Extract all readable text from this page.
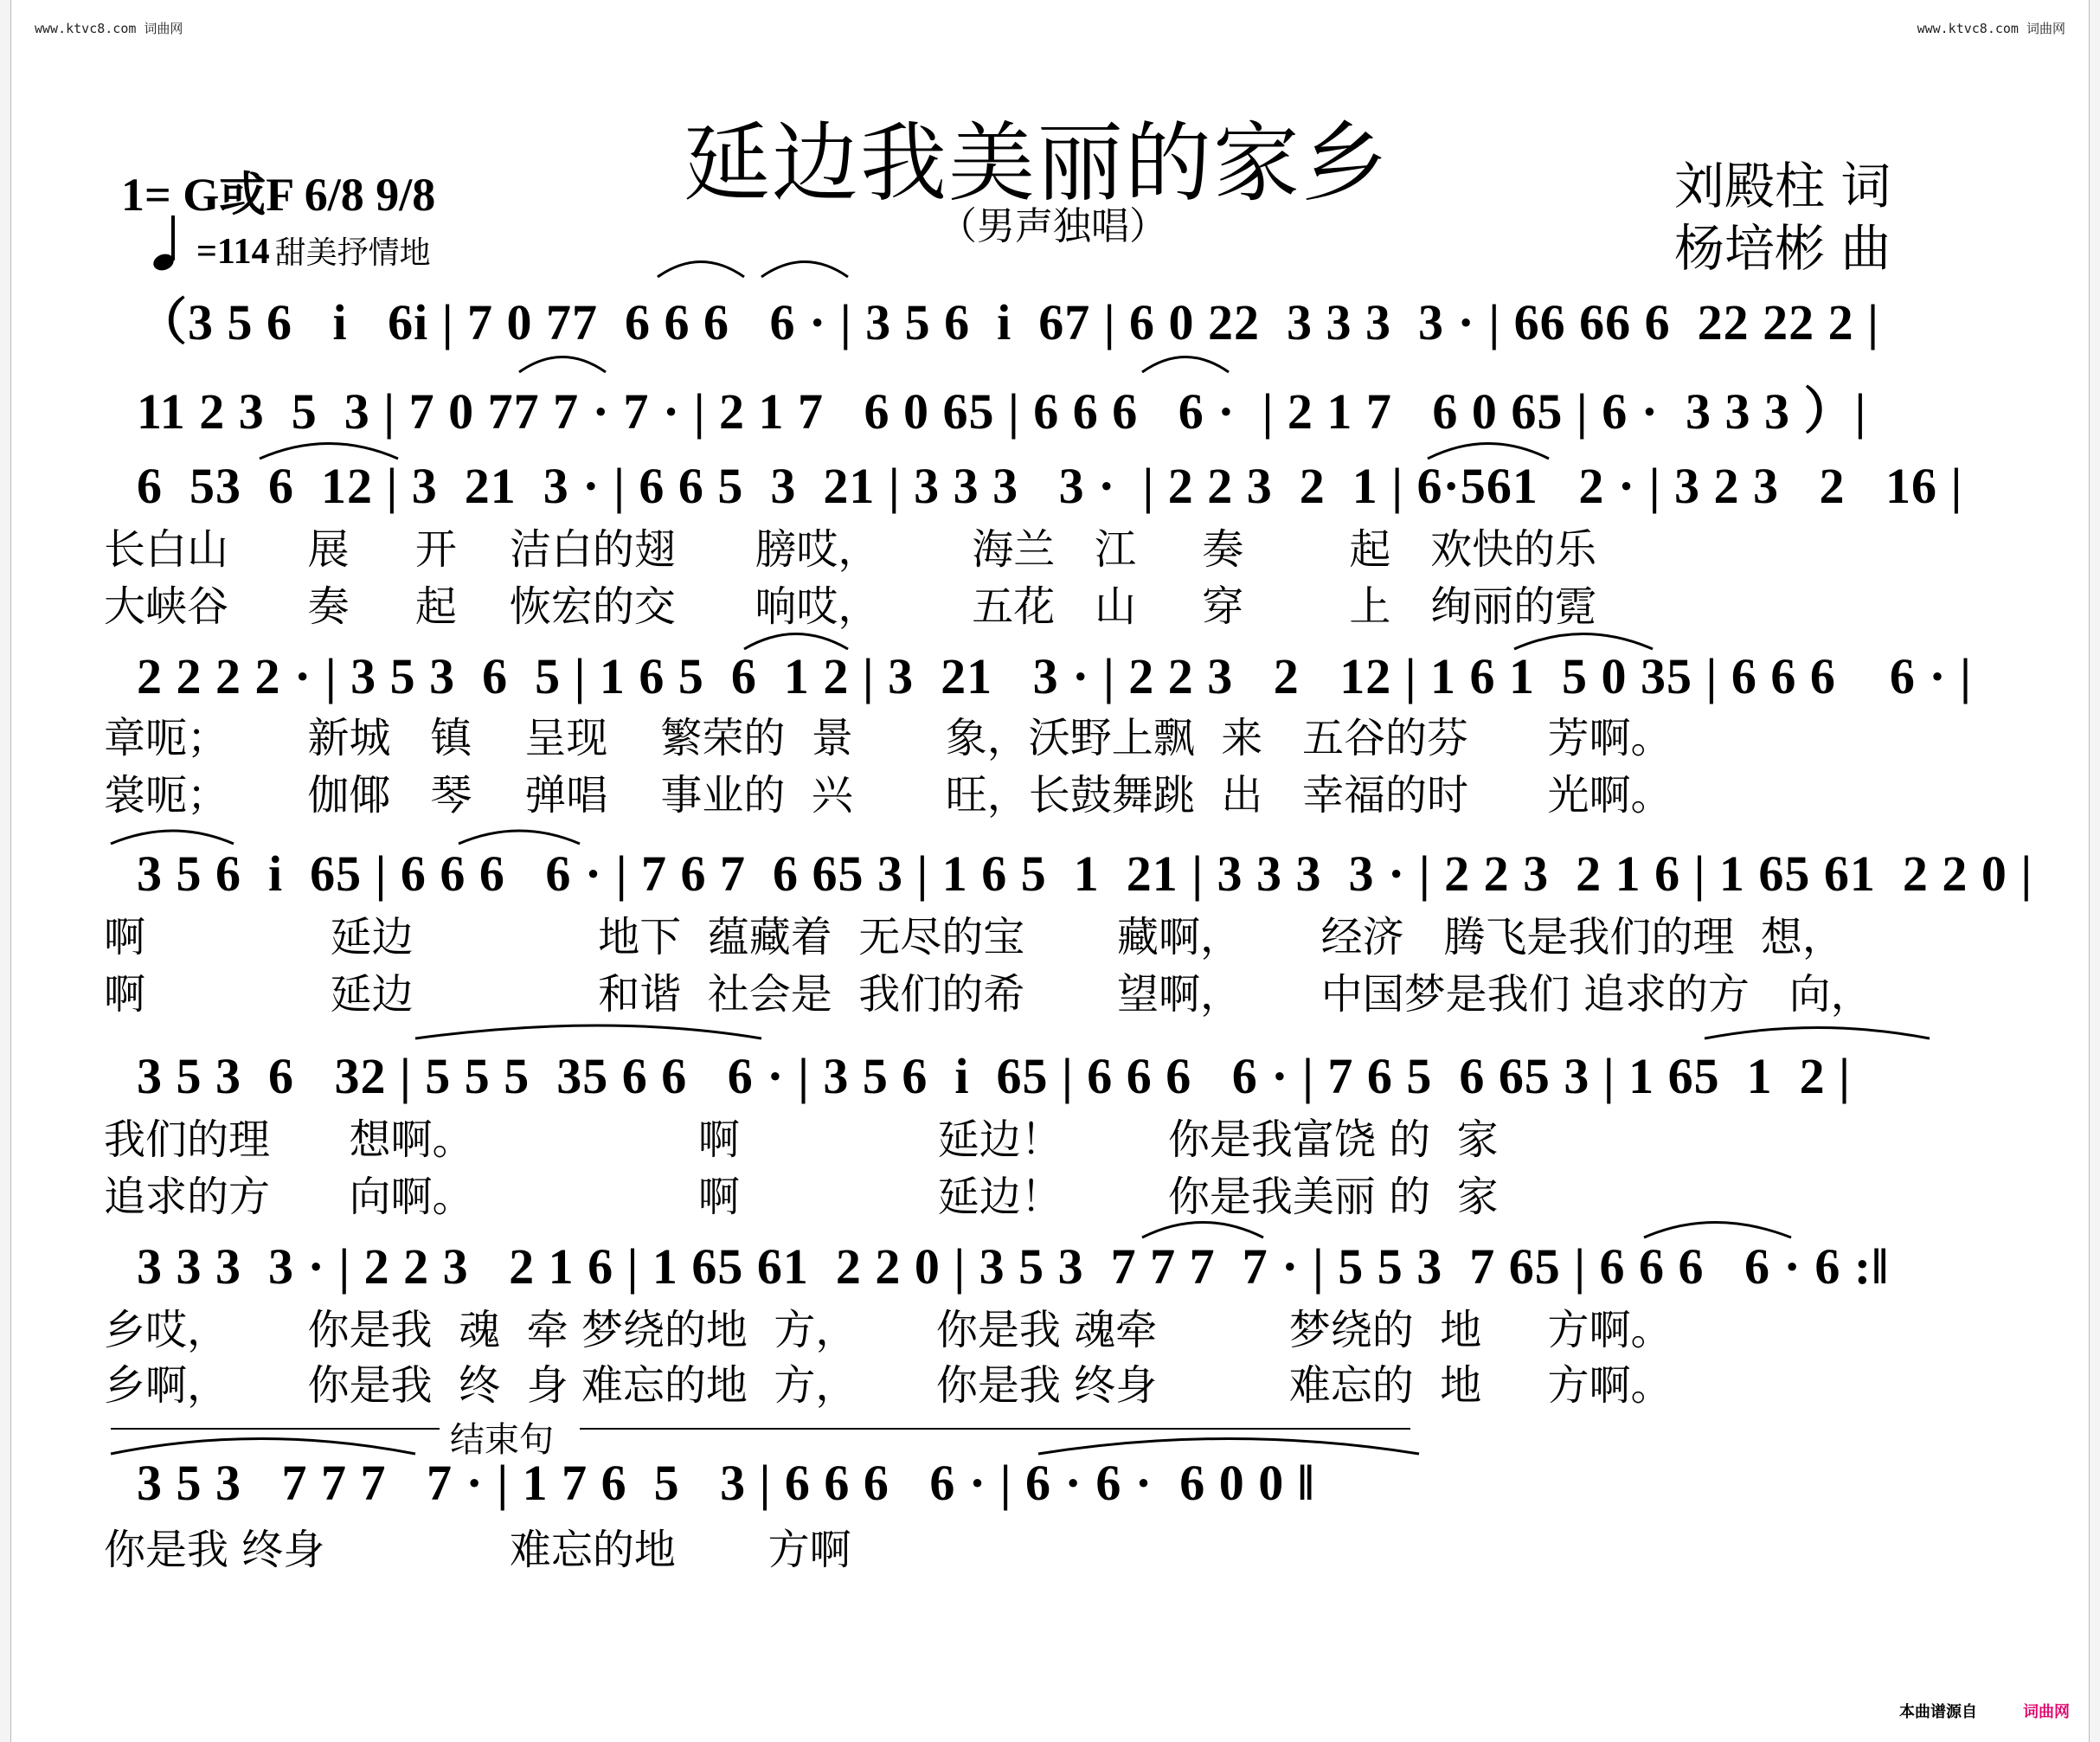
www.ktvc8.com 词曲网	www.ktvc8.com 词曲网
延边我美丽的家乡
（男声独唱）
1= G或F 6/8 9/8
=114 甜美抒情地
刘殿柱 词
杨培彬 曲
（3 5 6   i   6i | 7 0 77  6 6 6   6 · | 3 5 6  i  67 | 6 0 22  3 3 3  3 · | 66 66 6  22 22 2 |
11 2 3  5  3 | 7 0 77 7 · 7 · | 2 1 7   6 0 65 | 6 6 6   6 ·  | 2 1 7   6 0 65 | 6 ·  3 3 3 ）|
6  53  6  12 | 3  21  3 · | 6 6 5  3  21 | 3 3 3   3 ·  | 2 2 3  2  1 | 6·561   2 · | 3 2 3   2   16 |
长白山      展     开    洁白的翅      膀哎，       海兰   江     奏        起   欢快的乐
大峡谷      奏     起    恢宏的交      响哎，       五花   山     穿        上   绚丽的霓
2 2 2 2 · | 3 5 3  6  5 | 1 6 5  6  1 2 | 3  21   3 · | 2 2 3   2   12 | 1 6 1  5 0 35 | 6 6 6    6 · |
章呃；      新城   镇    呈现    繁荣的  景       象，沃野上飘  来   五谷的芬      芳啊。
裳呃；      伽倻   琴    弹唱    事业的  兴       旺，长鼓舞跳  出   幸福的时      光啊。
3 5 6  i  65 | 6 6 6   6 · | 7 6 7  6 65 3 | 1 6 5  1  21 | 3 3 3  3 · | 2 2 3  2 1 6 | 1 65 61  2 2 0 |
啊              延边              地下  蕴藏着  无尽的宝       藏啊，      经济   腾飞是我们的理  想，
啊              延边              和谐  社会是  我们的希       望啊，      中国梦是我们 追求的方   向，
3 5 3  6   32 | 5 5 5  35 6 6   6 · | 3 5 6  i  65 | 6 6 6   6 · | 7 6 5  6 65 3 | 1 65  1  2 |
我们的理      想啊。                 啊               延边！        你是我富饶 的  家
追求的方      向啊。                 啊               延边！        你是我美丽 的  家
3 3 3  3 · | 2 2 3   2 1 6 | 1 65 61  2 2 0 | 3 5 3  7 7 7  7 · | 5 5 3  7 65 | 6 6 6   6 · 6 :‖
乡哎，      你是我  魂  牵 梦绕的地  方，      你是我 魂牵          梦绕的  地     方啊。
乡啊，      你是我  终  身 难忘的地  方，      你是我 终身          难忘的  地     方啊。
结束句
3 5 3   7 7 7   7 · | 1 7 6  5   3 | 6 6 6   6 · | 6 · 6 ·  6 0 0 ‖
你是我 终身              难忘的地       方啊
本曲谱源自	词曲网
